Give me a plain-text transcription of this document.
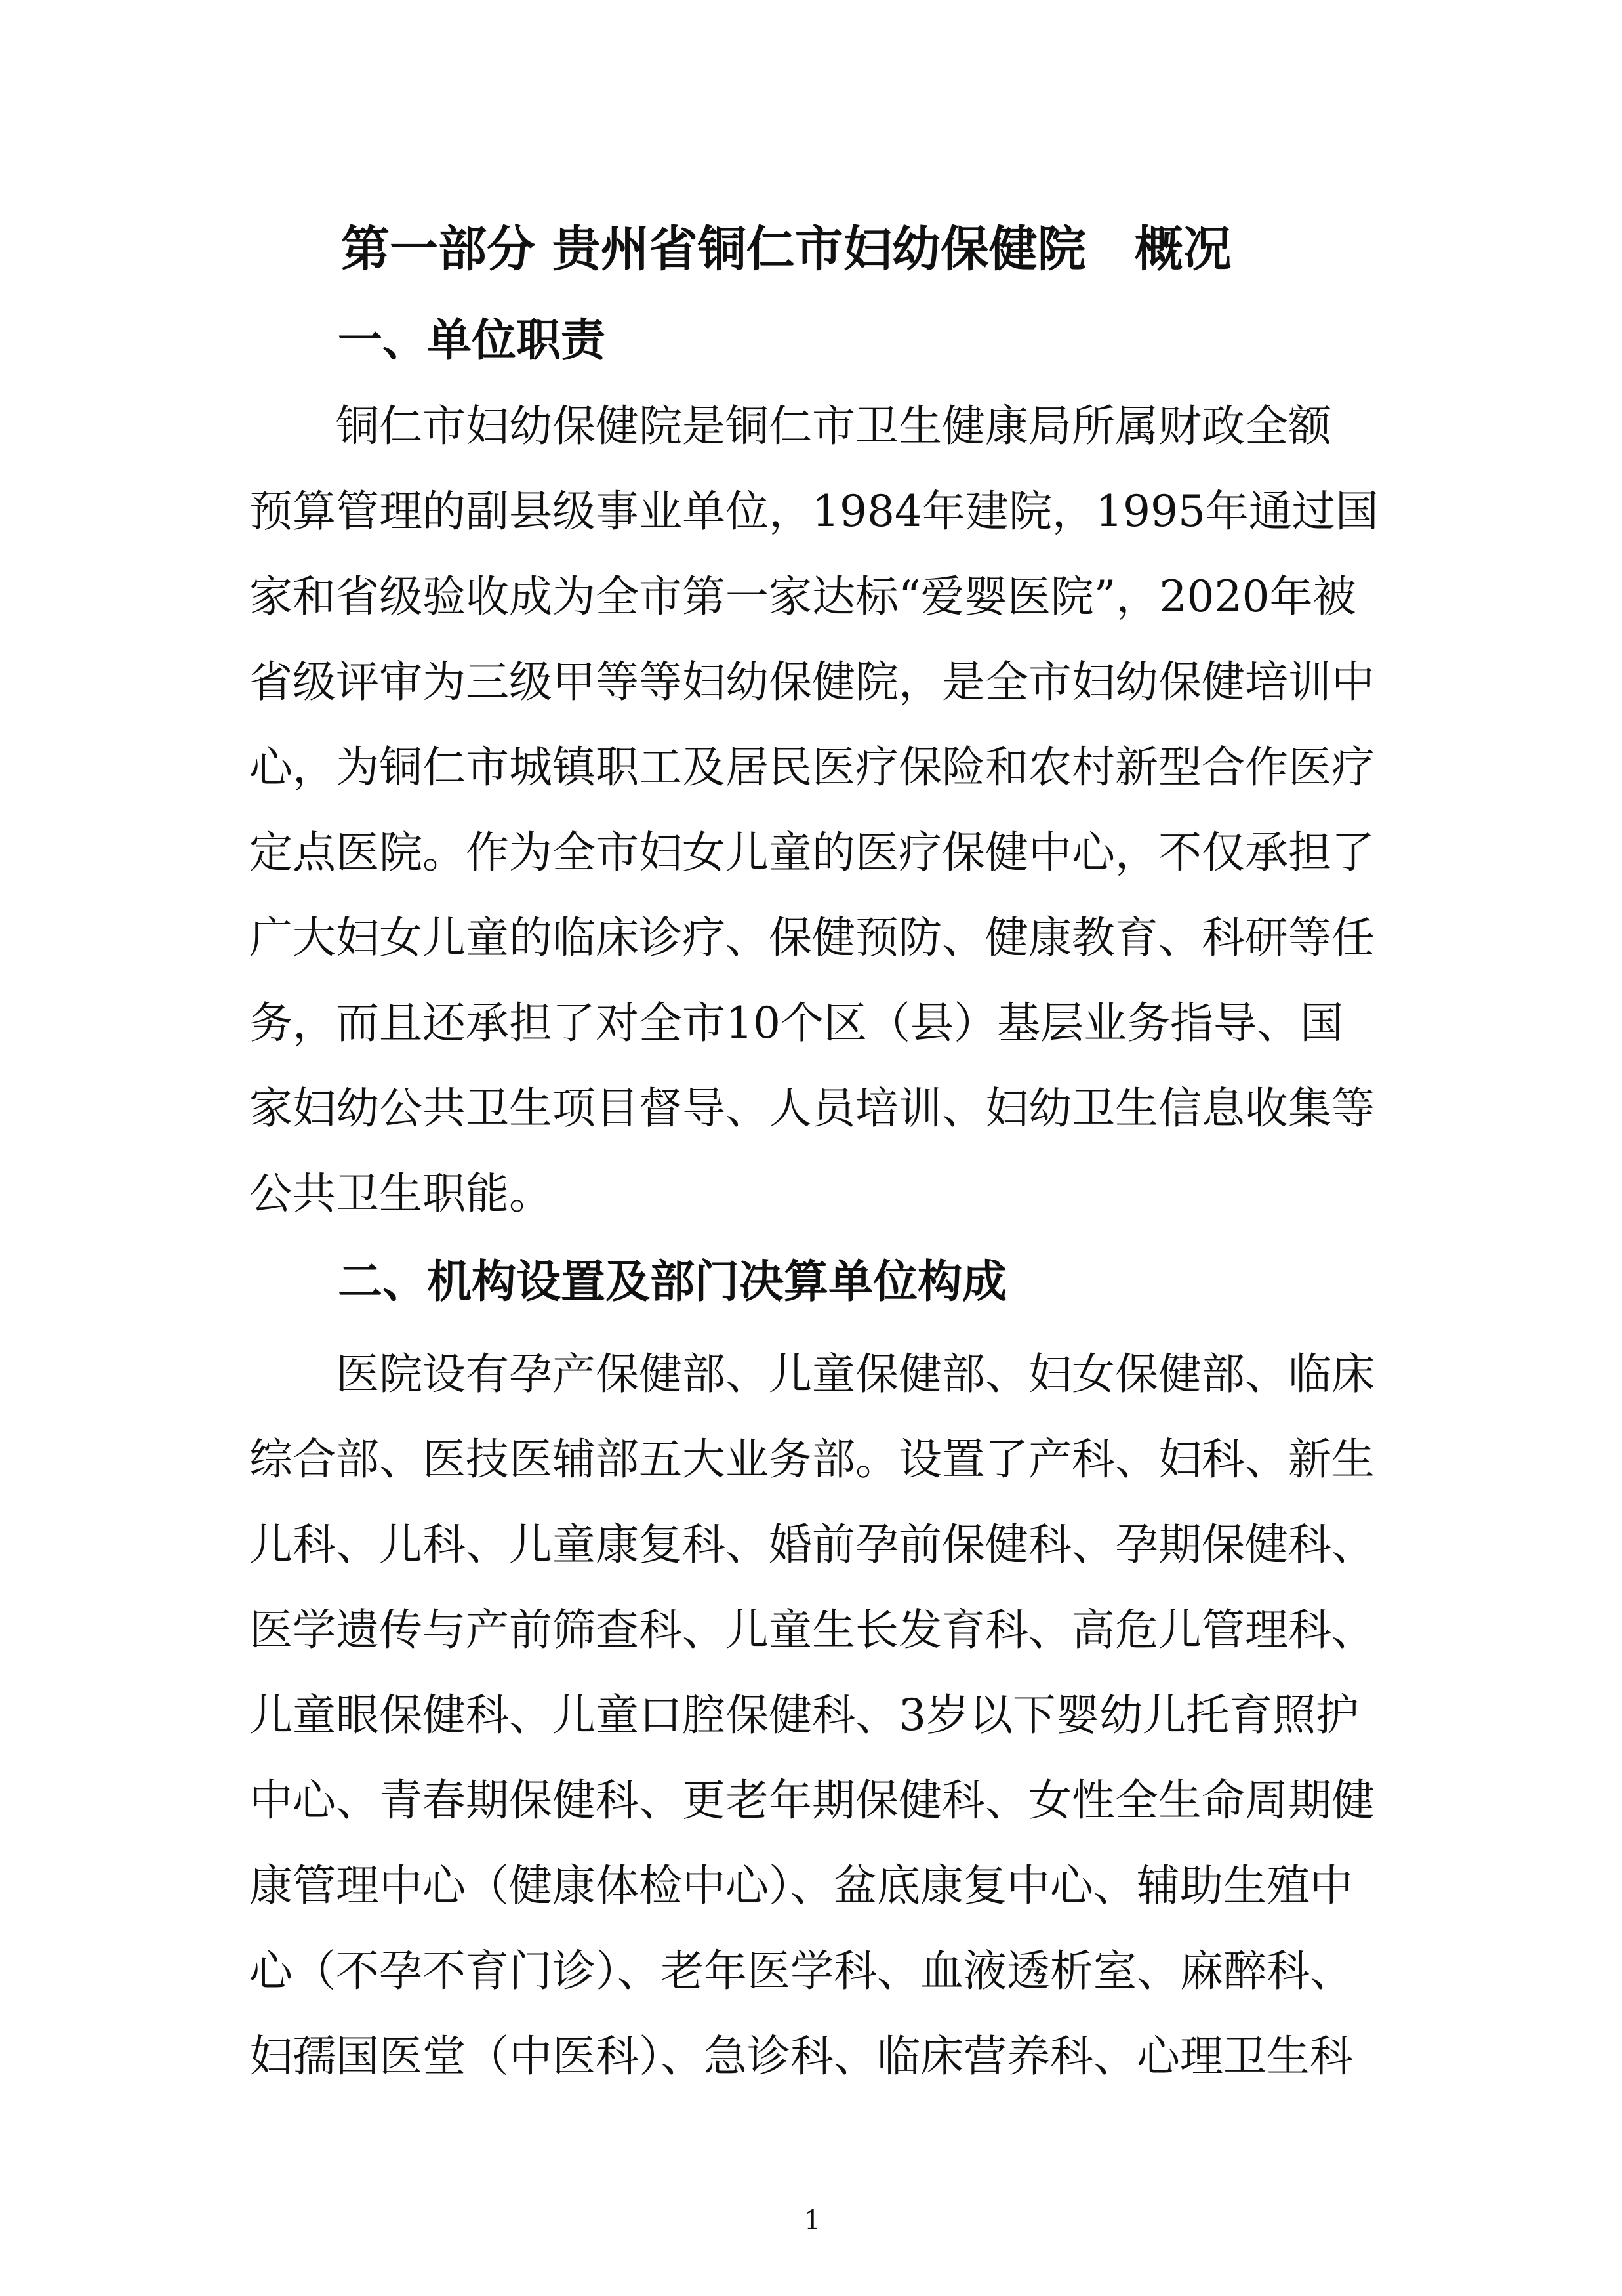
第一部分 贵州省铜仁市妇幼保健院　概况
一、单位职责
　　铜仁市妇幼保健院是铜仁市卫生健康局所属财政全额
预算管理的副县级事业单位，1984年建院，1995年通过国
家和省级验收成为全市第一家达标“爱婴医院”，2020年被
省级评审为三级甲等等妇幼保健院，是全市妇幼保健培训中
心，为铜仁市城镇职工及居民医疗保险和农村新型合作医疗
定点医院。作为全市妇女儿童的医疗保健中心，不仅承担了
广大妇女儿童的临床诊疗、保健预防、健康教育、科研等任
务，而且还承担了对全市10个区（县）基层业务指导、国
家妇幼公共卫生项目督导、人员培训、妇幼卫生信息收集等
公共卫生职能。
二、机构设置及部门决算单位构成
　　医院设有孕产保健部、儿童保健部、妇女保健部、临床
综合部、医技医辅部五大业务部。设置了产科、妇科、新生
儿科、儿科、儿童康复科、婚前孕前保健科、孕期保健科、
医学遗传与产前筛查科、儿童生长发育科、高危儿管理科、
儿童眼保健科、儿童口腔保健科、3岁以下婴幼儿托育照护
中心、青春期保健科、更老年期保健科、女性全生命周期健
康管理中心（健康体检中心）、盆底康复中心、辅助生殖中
心（不孕不育门诊）、老年医学科、血液透析室、麻醉科、
妇孺国医堂（中医科）、急诊科、临床营养科、心理卫生科
1
